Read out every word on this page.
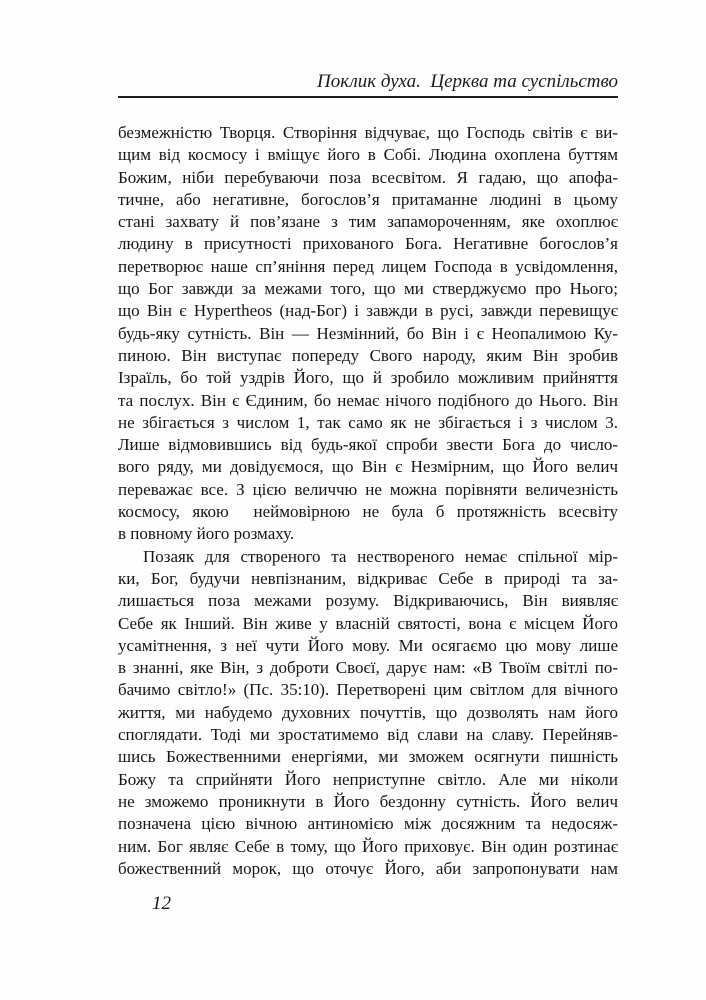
Поклик духа.  Церква та суспільство
безмежністю Творця. Створіння відчуває, що Господь світів є ви-
щим від космосу і вміщує його в Собі. Людина охоплена буттям
Божим, ніби перебуваючи поза всесвітом. Я гадаю, що апофа-
тичне, або негативне, богослов’я притаманне людині в цьому
стані захвату й пов’язане з тим запамороченням, яке охоплює
людину в присутності прихованого Бога. Негативне богослов’я
перетворює наше сп’яніння перед лицем Господа в усвідомлення,
що Бог завжди за межами того, що ми стверджуємо про Нього;
що Він є Hypertheos (над-Бог) і завжди в русі, завжди перевищує
будь-яку сутність. Він — Незмінний, бо Він і є Неопалимою Ку-
пиною. Він виступає попереду Свого народу, яким Він зробив
Ізраїль, бо той уздрів Його, що й зробило можливим прийняття
та послух. Він є Єдиним, бо немає нічого подібного до Нього. Він
не збігається з числом 1, так само як не збігається і з числом 3.
Лише відмовившись від будь-якої спроби звести Бога до число-
вого ряду, ми довідуємося, що Він є Незмірним, що Його велич
переважає все. З цією величчю не можна порівняти величезність
космосу, якою  неймовірною не була б протяжність всесвіту
в повному його розмаху.
Позаяк для створеного та нествореного немає спільної мір-
ки, Бог, будучи невпізнаним, відкриває Себе в природі та за-
лишається поза межами розуму. Відкриваючись, Він виявляє
Себе як Інший. Він живе у власній святості, вона є місцем Його
усамітнення, з неї чути Його мову. Ми осягаємо цю мову лише
в знанні, яке Він, з доброти Своєї, дарує нам: «В Твоїм світлі по-
бачимо світло!» (Пс. 35:10). Перетворені цим світлом для вічного
життя, ми набудемо духовних почуттів, що дозволять нам його
споглядати. Тоді ми зростатимемо від слави на славу. Перейняв-
шись Божественними енергіями, ми зможем осягнути пишність
Божу та сприйняти Його неприступне світло. Але ми ніколи
не зможемо проникнути в Його бездонну сутність. Його велич
позначена цією вічною антиномією між досяжним та недосяж-
ним. Бог являє Себе в тому, що Його приховує. Він один розтинає
божественний морок, що оточує Його, аби запропонувати нам
12
